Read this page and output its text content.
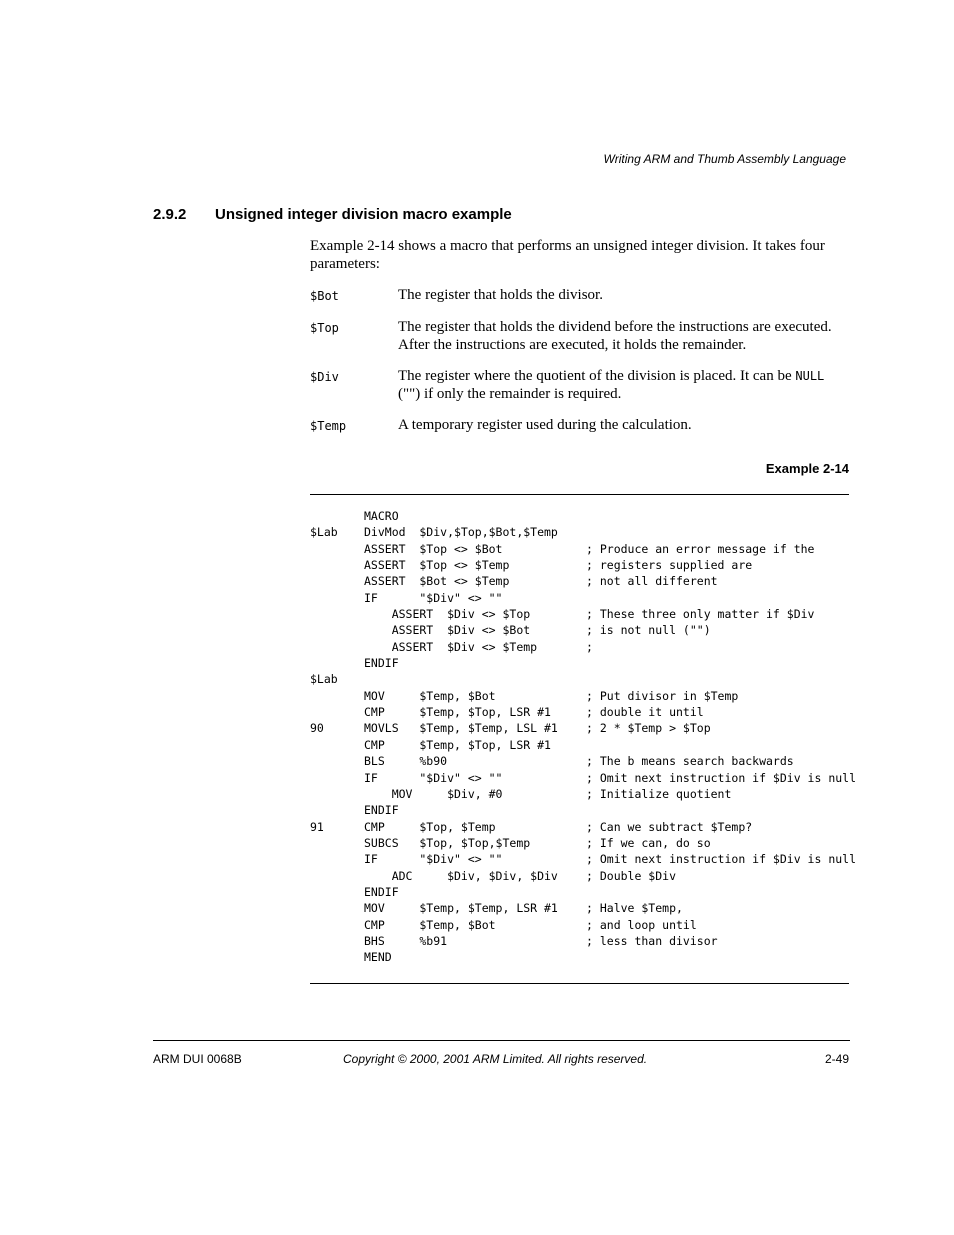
Writing ARM and Thumb Assembly Language
2.9.2	Unsigned integer division macro example

Example 2-14 shows a macro that performs an unsigned integer division. It takes four parameters:

$Bot	The register that holds the divisor.
$Top	The register that holds the dividend before the instructions are executed. After the instructions are executed, it holds the remainder.
$Div	The register where the quotient of the division is placed. It can be NULL ("") if only the remainder is required.
$Temp	A temporary register used during the calculation.
Example 2-14
MACRO
$Lab DivMod  $Div,$Top,$Bot,$Temp
ASSERT  $Top <> $Bot	; Produce an error message if the
ASSERT  $Top <> $Temp	; registers supplied are
ASSERT  $Bot <> $Temp	; not all different
IF      "$Div" <> ""
ASSERT  $Div <> $Top	; These three only matter if $Div
ASSERT  $Div <> $Bot	; is not null ("")
ASSERT  $Div <> $Temp	;
ENDIF
$Lab
MOV     $Temp, $Bot	; Put divisor in $Temp
CMP     $Temp, $Top, LSR #1	; double it until
90	MOVLS   $Temp, $Temp, LSL #1 ; 2 * $Temp > $Top
CMP     $Temp, $Top, LSR #1
BLS     %b90	; The b means search backwards
IF      "$Div" <> ""	; Omit next instruction if $Div is null
MOV     $Div, #0	; Initialize quotient
ENDIF
91	CMP     $Top, $Temp	; Can we subtract $Temp?
SUBCS   $Top, $Top,$Temp	; If we can, do so
IF      "$Div" <> ""	; Omit next instruction if $Div is null
ADC     $Div, $Div, $Div ; Double $Div
ENDIF
MOV     $Temp, $Temp, LSR #1 ; Halve $Temp,
CMP     $Temp, $Bot	; and loop until
BHS     %b91	; less than divisor
MEND
ARM DUI 0068B	Copyright © 2000, 2001 ARM Limited. All rights reserved.	2-49
